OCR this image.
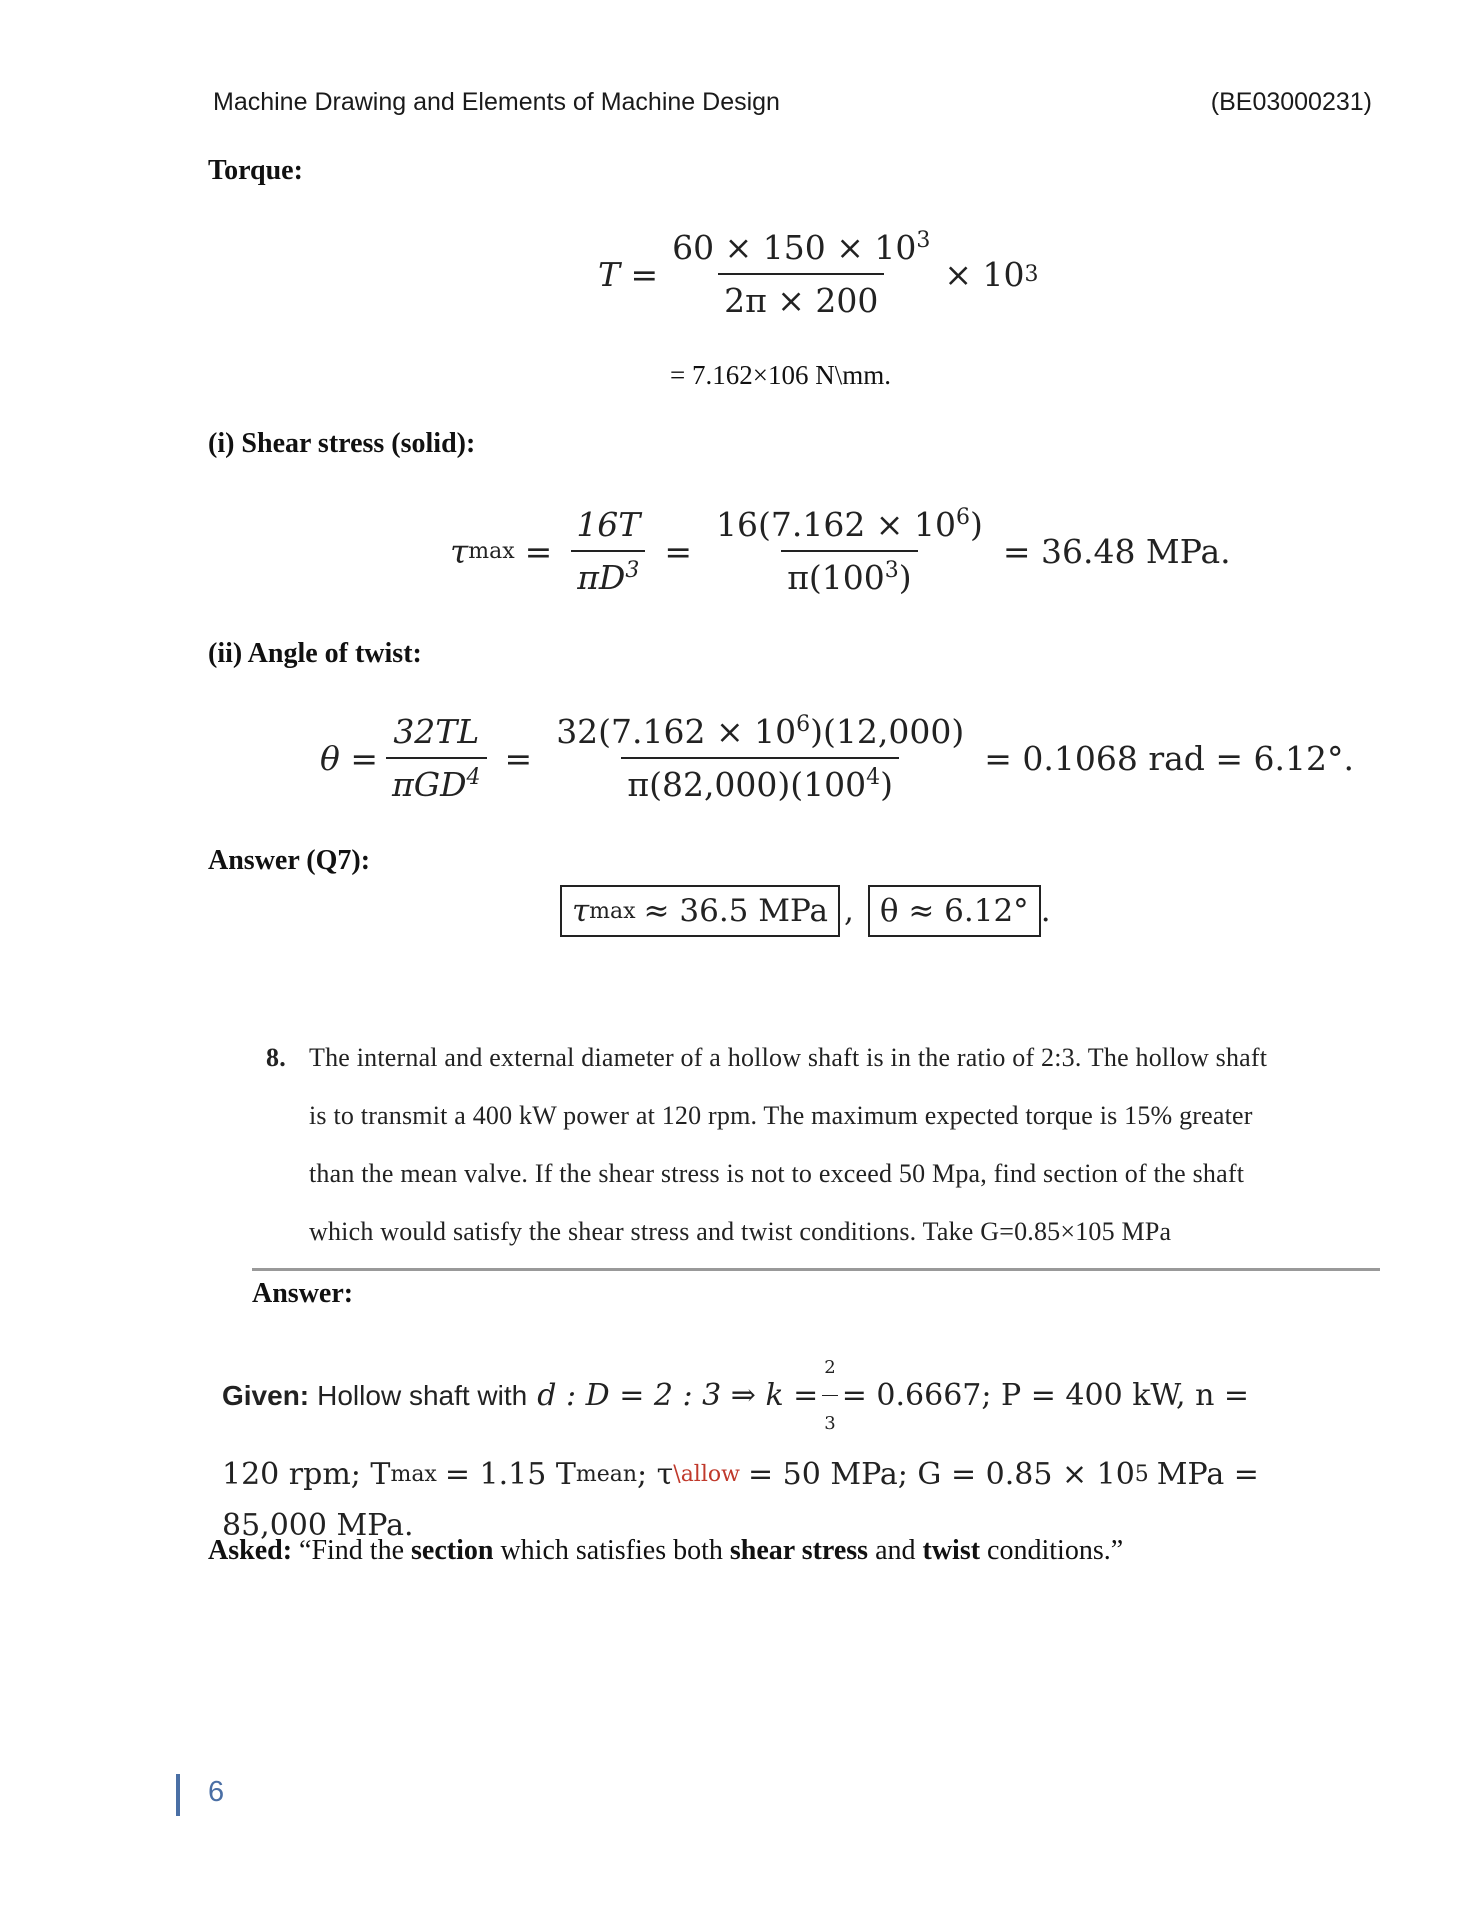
Machine Drawing and Elements of Machine Design	(BE03000231)
Torque:
$T = \frac{60 \times 150 \times 10^3}{2\pi \times 200} \times 10$ 3
= 7.162×106 N\mm.
(i) Shear stress (solid):
τ $\max = \frac{16T}{\pi D^3} = \frac{16(7.162 \times 10^6)}{\pi(100^3)} = 36.48$ MPa.
(ii) Angle of twist:
$\theta = \frac{32TL}{\pi GD^4} = \frac{32(7.162 \times 10^6)(12,000)}{\pi(82,000)(100^4)} = 0.1068$ rad = 6.12°.
Answer (Q7):
τ max ≈ 36.5 MPa , θ ≈ 6.12° .
8. The internal and external diameter of a hollow shaft is in the ratio of 2:3. The hollow shaft
is to transmit a 400 kW power at 120 rpm. The maximum expected torque is 15% greater
than the mean valve. If the shear stress is not to exceed 50 Mpa, find section of the shaft
which would satisfy the shear stress and twist conditions. Take G=0.85×105 MPa
Answer:
Given: Hollow shaft with d : D = 2 : 3 ⇒ $k = \frac{2}{3} = 0.6667$; P = 400 kW, n =
120 rpm; T max = 1.15 T mean ; τ \allow = 50 MPa; G = 0.85 × 10 5 MPa =
85,000 MPa.
Asked: “Find the section which satisfies both shear stress and twist conditions.”
6
